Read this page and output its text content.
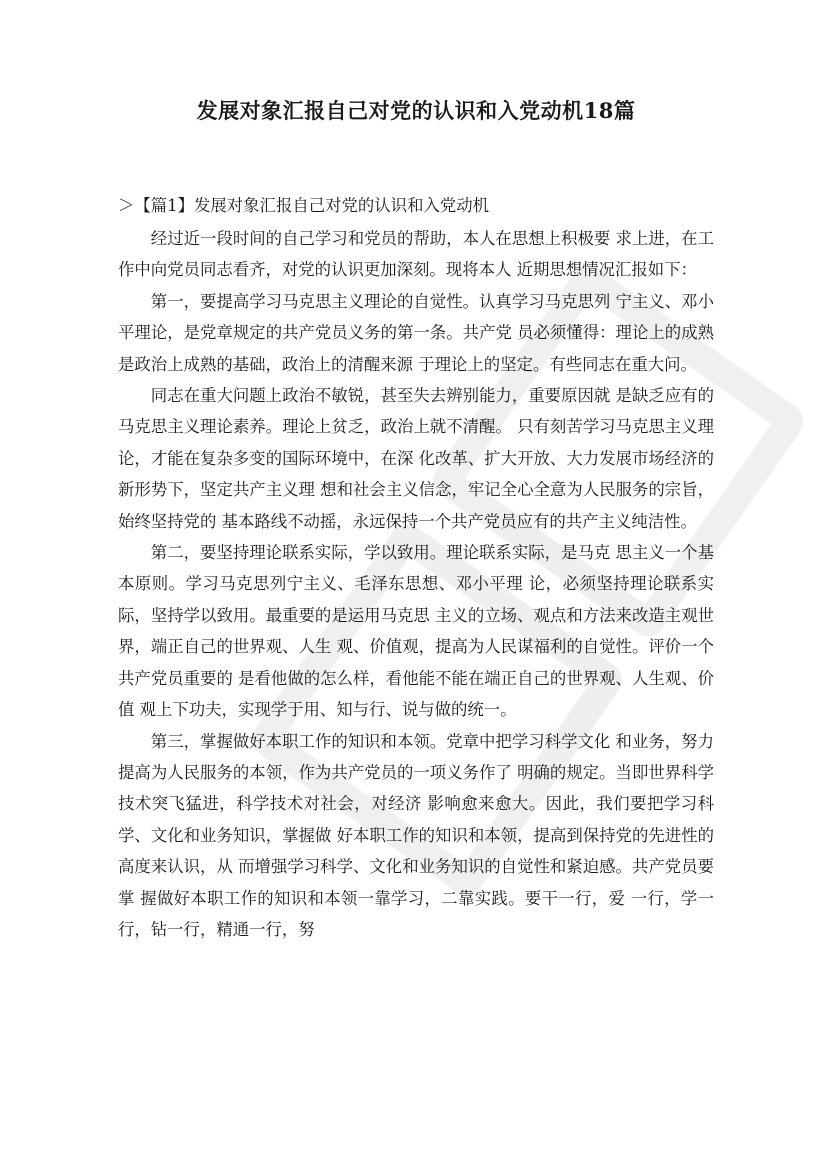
发展对象汇报自己对党的认识和入党动机18篇
＞【篇1】发展对象汇报自己对党的认识和入党动机

经过近一段时间的自己学习和党员的帮助，本人在思想上积极要 求上进，在工作中向党员同志看齐，对党的认识更加深刻。现将本人 近期思想情况汇报如下：

第一，要提高学习马克思主义理论的自觉性。认真学习马克思列 宁主义、邓小平理论，是党章规定的共产党员义务的第一条。共产党 员必须懂得：理论上的成熟是政治上成熟的基础，政治上的清醒来源 于理论上的坚定。有些同志在重大问。

同志在重大问题上政治不敏锐，甚至失去辨别能力，重要原因就 是缺乏应有的马克思主义理论素养。理论上贫乏，政治上就不清醒。 只有刻苦学习马克思主义理论，才能在复杂多变的国际环境中，在深 化改革、扩大开放、大力发展市场经济的新形势下，坚定共产主义理 想和社会主义信念，牢记全心全意为人民服务的宗旨，始终坚持党的 基本路线不动摇，永远保持一个共产党员应有的共产主义纯洁性。

第二，要坚持理论联系实际，学以致用。理论联系实际，是马克 思主义一个基本原则。学习马克思列宁主义、毛泽东思想、邓小平理 论，必须坚持理论联系实际，坚持学以致用。最重要的是运用马克思 主义的立场、观点和方法来改造主观世界，端正自己的世界观、人生 观、价值观，提高为人民谋福利的自觉性。评价一个共产党员重要的 是看他做的怎么样，看他能不能在端正自己的世界观、人生观、价值 观上下功夫，实现学于用、知与行、说与做的统一。

第三，掌握做好本职工作的知识和本领。党章中把学习科学文化 和业务，努力提高为人民服务的本领，作为共产党员的一项义务作了 明确的规定。当即世界科学技术突飞猛进，科学技术对社会，对经济 影响愈来愈大。因此，我们要把学习科学、文化和业务知识，掌握做 好本职工作的知识和本领，提高到保持党的先进性的高度来认识，从 而增强学习科学、文化和业务知识的自觉性和紧迫感。共产党员要掌 握做好本职工作的知识和本领一靠学习，二靠实践。要干一行，爱 一行，学一行，钻一行，精通一行，努
